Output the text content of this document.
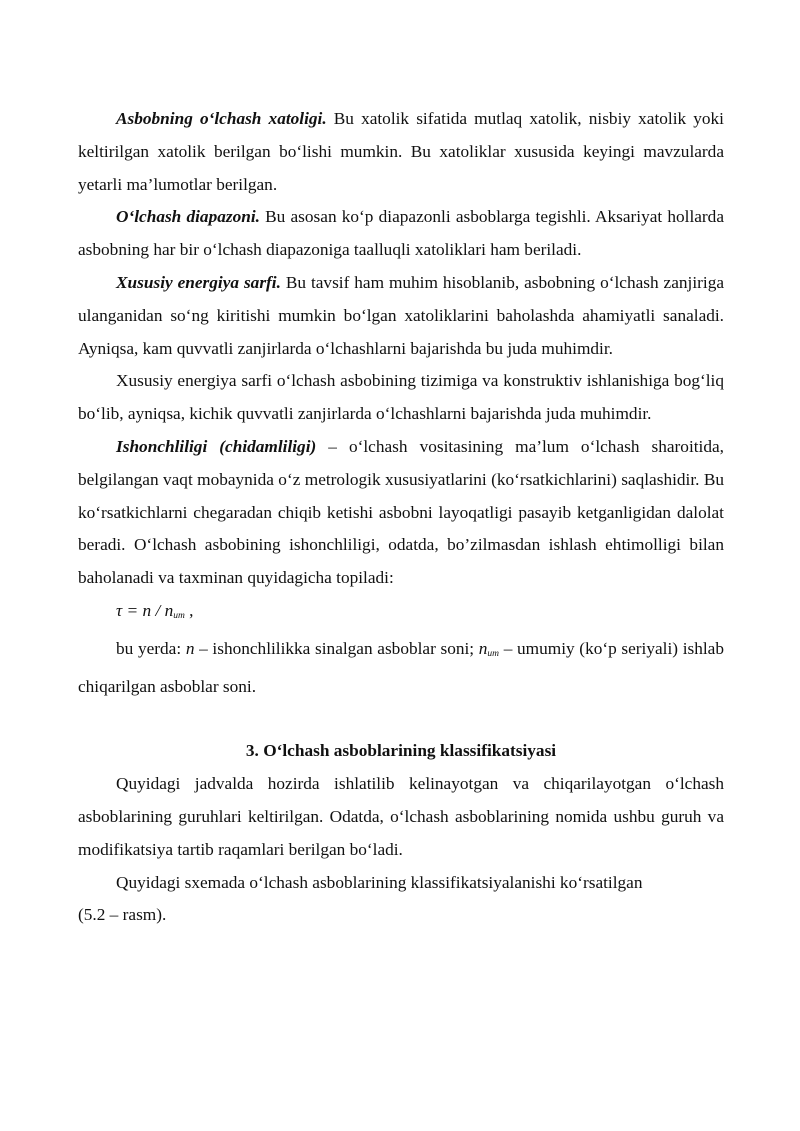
Asbobning o‘lchash xatoligi. Bu xatolik sifatida mutlaq xatolik, nisbiy xatolik yoki keltirilgan xatolik berilgan bo‘lishi mumkin. Bu xatoliklar xususida keyingi mavzularda yetarli ma’lumotlar berilgan.

O‘lchash diapazoni. Bu asosan ko‘p diapazonli asboblarga tegishli. Aksariyat hollarda asbobning har bir o‘lchash diapazoniga taalluqli xatoliklari ham beriladi.

Xususiy energiya sarfi. Bu tavsif ham muhim hisoblanib, asbobning o‘lchash zanjiriga ulanganidan so‘ng kiritishi mumkin bo‘lgan xatoliklarini baholashda ahamiyatli sanaladi. Ayniqsa, kam quvvatli zanjirlarda o‘lchashlarni bajarishda bu juda muhimdir.

Xususiy energiya sarfi o‘lchash asbobining tizimiga va konstruktiv ishlanishiga bog‘liq bo‘lib, ayniqsa, kichik quvvatli zanjirlarda o‘lchashlarni bajarishda juda muhimdir.

Ishonchliligi (chidamliligi) – o‘lchash vositasining ma’lum o‘lchash sharoitida, belgilangan vaqt mobaynida o‘z metrologik xususiyatlarini (ko‘rsatkichlarini) saqlashidir. Bu ko‘rsatkichlarni chegaradan chiqib ketishi asbobni layoqatligi pasayib ketganligidan dalolat beradi. O‘lchash asbobining ishonchliligi, odatda, bo’zilmasdan ishlash ehtimolligi bilan baholanadi va taxminan quyidagicha topiladi:

$\tau = n / n_{um}$ ,

bu yerda: n – ishonchlilikka sinalgan asboblar soni; $n_{um}$ – umumiy (ko‘p seriyali) ishlab chiqarilgan asboblar soni.

3. O‘lchash asboblarining klassifikatsiyasi

Quyidagi jadvalda hozirda ishlatilib kelinayotgan va chiqarilayotgan o‘lchash asboblarining guruhlari keltirilgan. Odatda, o‘lchash asboblarining nomida ushbu guruh va modifikatsiya tartib raqamlari berilgan bo‘ladi.

Quyidagi sxemada o‘lchash asboblarining klassifikatsiyalanishi ko‘rsatilgan

(5.2 – rasm).
